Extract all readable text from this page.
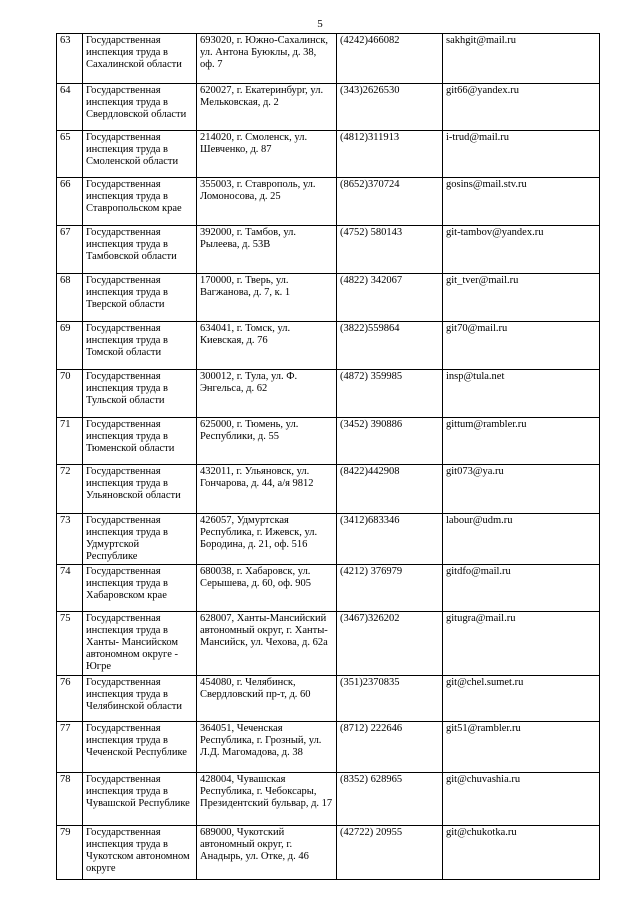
5
63	Государственная инспекция труда в Сахалинской области	693020, г. Южно-Сахалинск, ул. Антона Буюклы, д. 38, оф. 7	(4242)466082	sakhgit@mail.ru
64	Государственная инспекция труда в Свердловской области	620027, г. Екатеринбург, ул. Мельковская, д. 2	(343)2626530	git66@yandex.ru
65	Государственная инспекция труда в Смоленской области	214020, г. Смоленск, ул. Шевченко, д. 87	(4812)311913	i-trud@mail.ru
66	Государственная инспекция труда в Ставропольском крае	355003, г. Ставрополь, ул. Ломоносова, д. 25	(8652)370724	gosins@mail.stv.ru
67	Государственная инспекция труда в Тамбовской области	392000, г. Тамбов, ул. Рылеева, д. 53В	(4752) 580143	git-tambov@yandex.ru
68	Государственная инспекция труда в Тверской области	170000, г. Тверь, ул. Вагжанова, д. 7, к. 1	(4822) 342067	git_tver@mail.ru
69	Государственная инспекция труда в Томской области	634041, г. Томск, ул. Киевская, д. 76	(3822)559864	git70@mail.ru
70	Государственная инспекция труда в Тульской области	300012, г. Тула, ул. Ф. Энгельса, д. 62	(4872) 359985	insp@tula.net
71	Государственная инспекция труда в Тюменской области	625000, г. Тюмень, ул. Республики, д. 55	(3452) 390886	gittum@rambler.ru
72	Государственная инспекция труда в Ульяновской области	432011, г. Ульяновск, ул. Гончарова, д. 44, а/я 9812	(8422)442908	git073@ya.ru
73	Государственная инспекция труда в Удмуртской Республике	426057, Удмуртская Республика, г. Ижевск, ул. Бородина, д. 21, оф. 516	(3412)683346	labour@udm.ru
74	Государственная инспекция труда в Хабаровском крае	680038, г. Хабаровск, ул. Серышева, д. 60, оф. 905	(4212) 376979	gitdfo@mail.ru
75	Государственная инспекция труда в Ханты- Мансийском автономном округе - Югре	628007, Ханты-Мансийский автономный округ, г. Ханты- Мансийск, ул. Чехова, д. 62а	(3467)326202	gitugra@mail.ru
76	Государственная инспекция труда в Челябинской области	454080, г. Челябинск, Свердловский пр-т, д. 60	(351)2370835	git@chel.sumet.ru
77	Государственная инспекция труда в Чеченской Республике	364051, Чеченская Республика, г. Грозный, ул. Л.Д. Магомадова, д. 38	(8712) 222646	git51@rambler.ru
78	Государственная инспекция труда в Чувашской Республике	428004, Чувашская Республика, г. Чебоксары, Президентский бульвар, д. 17	(8352) 628965	git@chuvashia.ru
79	Государственная инспекция труда в Чукотском автономном округе	689000, Чукотский автономный округ, г. Анадырь, ул. Отке, д. 46	(42722) 20955	git@chukotka.ru
